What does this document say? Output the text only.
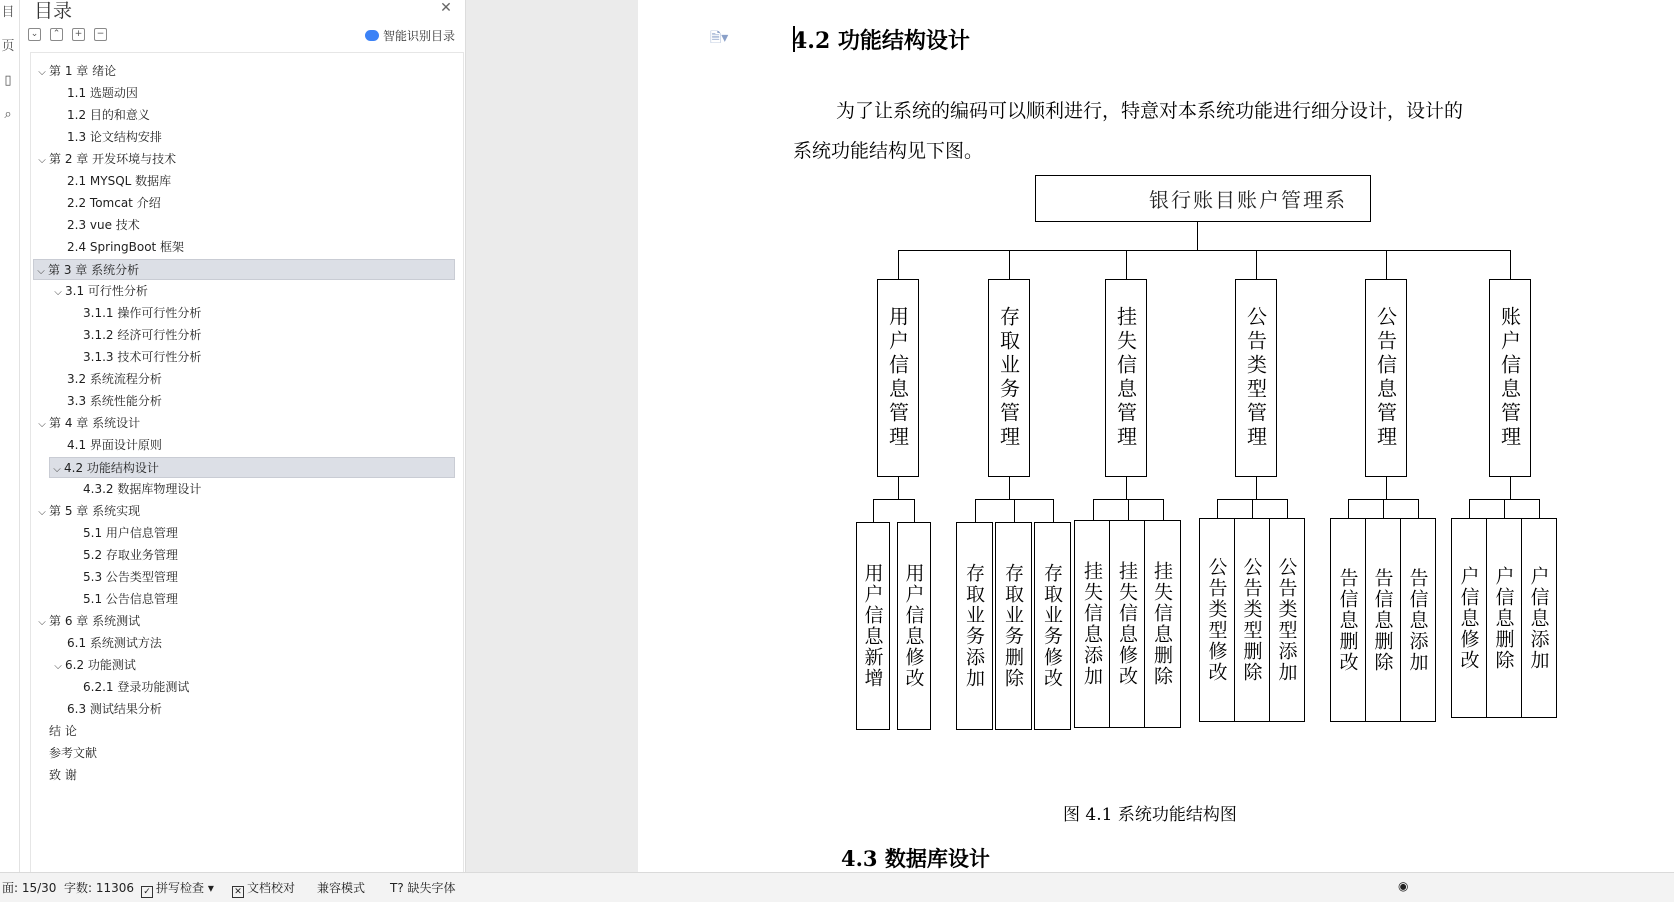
目
页
▯
⌕
目录	✕
⌄	⌃	+	−	智能识别目录
⌵ 第 1 章 绪论
1.1 选题动因
1.2 目的和意义
1.3 论文结构安排
⌵ 第 2 章 开发环境与技术
2.1 MYSQL 数据库
2.2 Tomcat 介绍
2.3 vue 技术
2.4 SpringBoot 框架
⌵ 第 3 章 系统分析
⌵ 3.1 可行性分析
3.1.1 操作可行性分析
3.1.2 经济可行性分析
3.1.3 技术可行性分析
3.2 系统流程分析
3.3 系统性能分析
⌵ 第 4 章 系统设计
4.1 界面设计原则
⌵ 4.2 功能结构设计
4.3.2 数据库物理设计
⌵ 第 5 章 系统实现
5.1 用户信息管理
5.2 存取业务管理
5.3 公告类型管理
5.1 公告信息管理
⌵ 第 6 章 系统测试
6.1 系统测试方法
⌵ 6.2 功能测试
6.2.1 登录功能测试
6.3 测试结果分析
结 论
参考文献
致 谢
🗎▾	4.2 功能结构设计
为了让系统的编码可以顺利进行，特意对本系统功能进行细分设计，设计的
系统功能结构见下图。
银行账目账户管理系
用户信息管理
用户信息新增 用户信息修改
存取业务管理
存取业务添加 存取业务删除 存取业务修改
挂失信息管理
挂失信息添加 挂失信息修改 挂失信息删除
公告类型管理
公告类型修改 公告类型删除 公告类型添加
公告信息管理
告信息删改 告信息删除 告信息添加
账户信息管理
户信息修改 户信息删除 户信息添加
图 4.1 系统功能结构图
4.3 数据库设计
面: 15/30 字数: 11306 ✓ 拼写检查 ▾ ✕ 文档校对 兼容模式 T? 缺失字体	◉
